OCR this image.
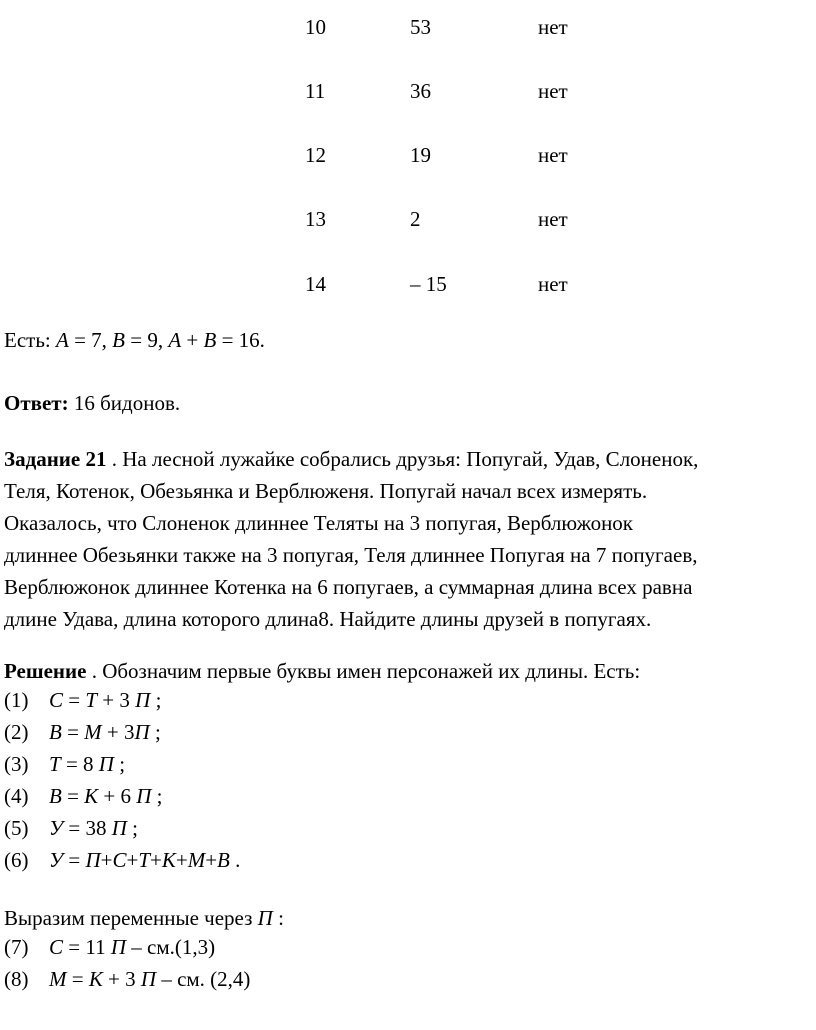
10	53	нет
11	36	нет
12	19	нет
13	2	нет
14	– 15	нет
Есть: A = 7, B = 9, A + B = 16.
Ответ: 16 бидонов.
Задание 21 . На лесной лужайке собрались друзья: Попугай, Удав, Слоненок,
Теля, Котенок, Обезьянка и Верблюженя. Попугай начал всех измерять.
Оказалось, что Слоненок длиннее Теляты на 3 попугая, Верблюжонок
длиннее Обезьянки также на 3 попугая, Теля длиннее Попугая на 7 попугаев,
Верблюжонок длиннее Котенка на 6 попугаев, а суммарная длина всех равна
длине Удава, длина которого длина8. Найдите длины друзей в попугаях.
Решение . Обозначим первые буквы имен персонажей их длины. Есть:
(1) С = Т + 3 П ;
(2) В = М + 3П ;
(3) Т = 8 П ;
(4) В = К + 6 П ;
(5) У = 38 П ;
(6) У = П+С+Т+К+М+В .
Выразим переменные через П :
(7) С = 11 П – см.(1,3)
(8) М = К + 3 П – см. (2,4)
